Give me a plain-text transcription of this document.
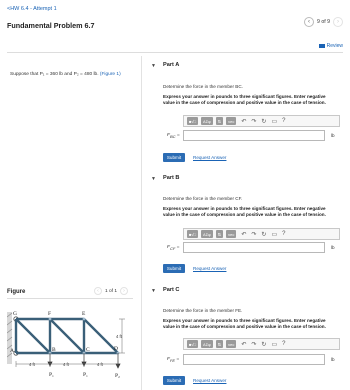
<HW 6.4 - Attempt 1
Fundamental Problem 6.7	‹ 9 of 9 ›
Review
Suppose that P₁ = 360 lb and P₂ = 480 lb. (Figure 1)
Figure	‹ 1 of 1 ›
G	F	E
A	B	C	D
P₁	P₁	P₂
4 ft	4 ft	4 ft
4 ft
▼ Part A
Determine the force in the member BC.
Express your answer in pounds to three significant figures. Enter negative value in the case of compression and positive value in the case of tension.
■√□	AΣφ	⇅	vec	↶ ↷ ↻ ▭ ?
$F_{BC}$ =	lb
Submit	Request Answer
▼ Part B
Determine the force in the member CF.
Express your answer in pounds to three significant figures. Enter negative value in the case of compression and positive value in the case of tension.
■√□	AΣφ	⇅	vec	↶ ↷ ↻ ▭ ?
$F_{CF}$ =	lb
Submit	Request Answer
▼ Part C
Determine the force in the member FE.
Express your answer in pounds to three significant figures. Enter negative value in the case of compression and positive value in the case of tension.
■√□	AΣφ	⇅	vec	↶ ↷ ↻ ▭ ?
$F_{FE}$ =	lb
Submit	Request Answer
